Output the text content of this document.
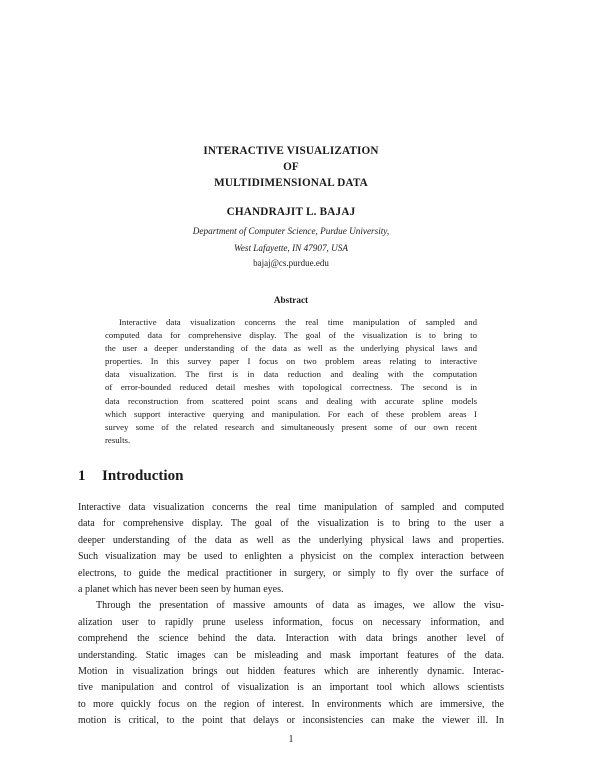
INTERACTIVE VISUALIZATION
OF
MULTIDIMENSIONAL DATA
CHANDRAJIT L. BAJAJ
Department of Computer Science, Purdue University,
West Lafayette, IN 47907, USA
bajaj@cs.purdue.edu
Abstract
Interactive data visualization concerns the real time manipulation of sampled and
computed data for comprehensive display. The goal of the visualization is to bring to
the user a deeper understanding of the data as well as the underlying physical laws and
properties. In this survey paper I focus on two problem areas relating to interactive
data visualization. The first is in data reduction and dealing with the computation
of error-bounded reduced detail meshes with topological correctness. The second is in
data reconstruction from scattered point scans and dealing with accurate spline models
which support interactive querying and manipulation. For each of these problem areas I
survey some of the related research and simultaneously present some of our own recent
results.
1 Introduction
Interactive data visualization concerns the real time manipulation of sampled and computed
data for comprehensive display. The goal of the visualization is to bring to the user a
deeper understanding of the data as well as the underlying physical laws and properties.
Such visualization may be used to enlighten a physicist on the complex interaction between
electrons, to guide the medical practitioner in surgery, or simply to fly over the surface of
a planet which has never been seen by human eyes.
Through the presentation of massive amounts of data as images, we allow the visu-
alization user to rapidly prune useless information, focus on necessary information, and
comprehend the science behind the data. Interaction with data brings another level of
understanding. Static images can be misleading and mask important features of the data.
Motion in visualization brings out hidden features which are inherently dynamic. Interac-
tive manipulation and control of visualization is an important tool which allows scientists
to more quickly focus on the region of interest. In environments which are immersive, the
motion is critical, to the point that delays or inconsistencies can make the viewer ill. In
1
